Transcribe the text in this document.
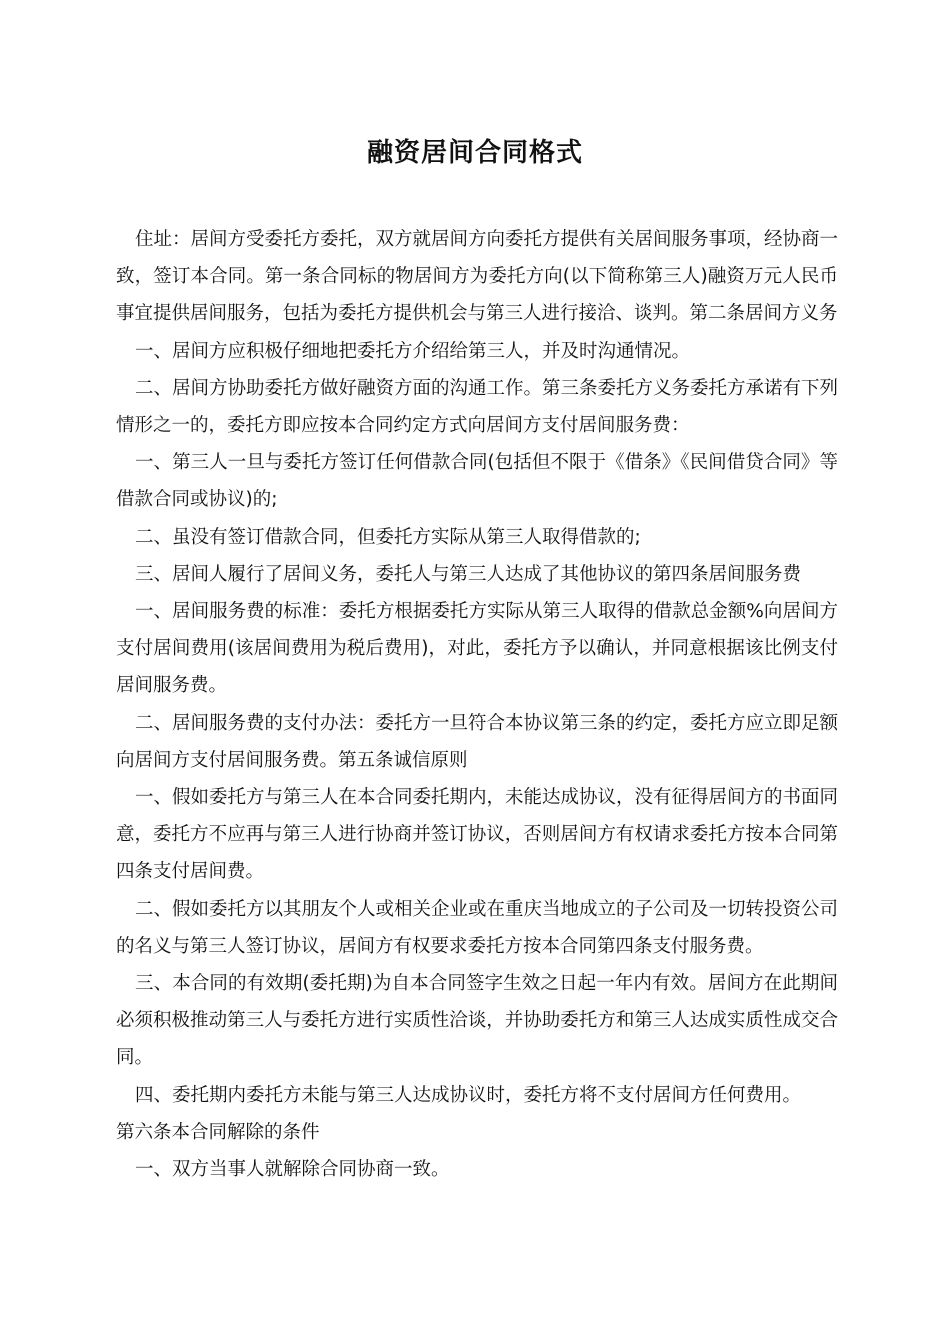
融资居间合同格式

住址：居间方受委托方委托，双方就居间方向委托方提供有关居间服务事项，经协商一致，签订本合同。第一条合同标的物居间方为委托方向(以下简称第三人)融资万元人民币事宜提供居间服务，包括为委托方提供机会与第三人进行接洽、谈判。第二条居间方义务

一、居间方应积极仔细地把委托方介绍给第三人，并及时沟通情况。

二、居间方协助委托方做好融资方面的沟通工作。第三条委托方义务委托方承诺有下列情形之一的，委托方即应按本合同约定方式向居间方支付居间服务费：

一、第三人一旦与委托方签订任何借款合同(包括但不限于《借条》《民间借贷合同》等借款合同或协议)的;

二、虽没有签订借款合同，但委托方实际从第三人取得借款的;

三、居间人履行了居间义务，委托人与第三人达成了其他协议的第四条居间服务费

一、居间服务费的标准：委托方根据委托方实际从第三人取得的借款总金额%向居间方支付居间费用(该居间费用为税后费用)，对此，委托方予以确认，并同意根据该比例支付居间服务费。

二、居间服务费的支付办法：委托方一旦符合本协议第三条的约定，委托方应立即足额向居间方支付居间服务费。第五条诚信原则

一、假如委托方与第三人在本合同委托期内，未能达成协议，没有征得居间方的书面同意，委托方不应再与第三人进行协商并签订协议，否则居间方有权请求委托方按本合同第四条支付居间费。

二、假如委托方以其朋友个人或相关企业或在重庆当地成立的子公司及一切转投资公司的名义与第三人签订协议，居间方有权要求委托方按本合同第四条支付服务费。

三、本合同的有效期(委托期)为自本合同签字生效之日起一年内有效。居间方在此期间必须积极推动第三人与委托方进行实质性洽谈，并协助委托方和第三人达成实质性成交合同。

四、委托期内委托方未能与第三人达成协议时，委托方将不支付居间方任何费用。

第六条本合同解除的条件

一、双方当事人就解除合同协商一致。
